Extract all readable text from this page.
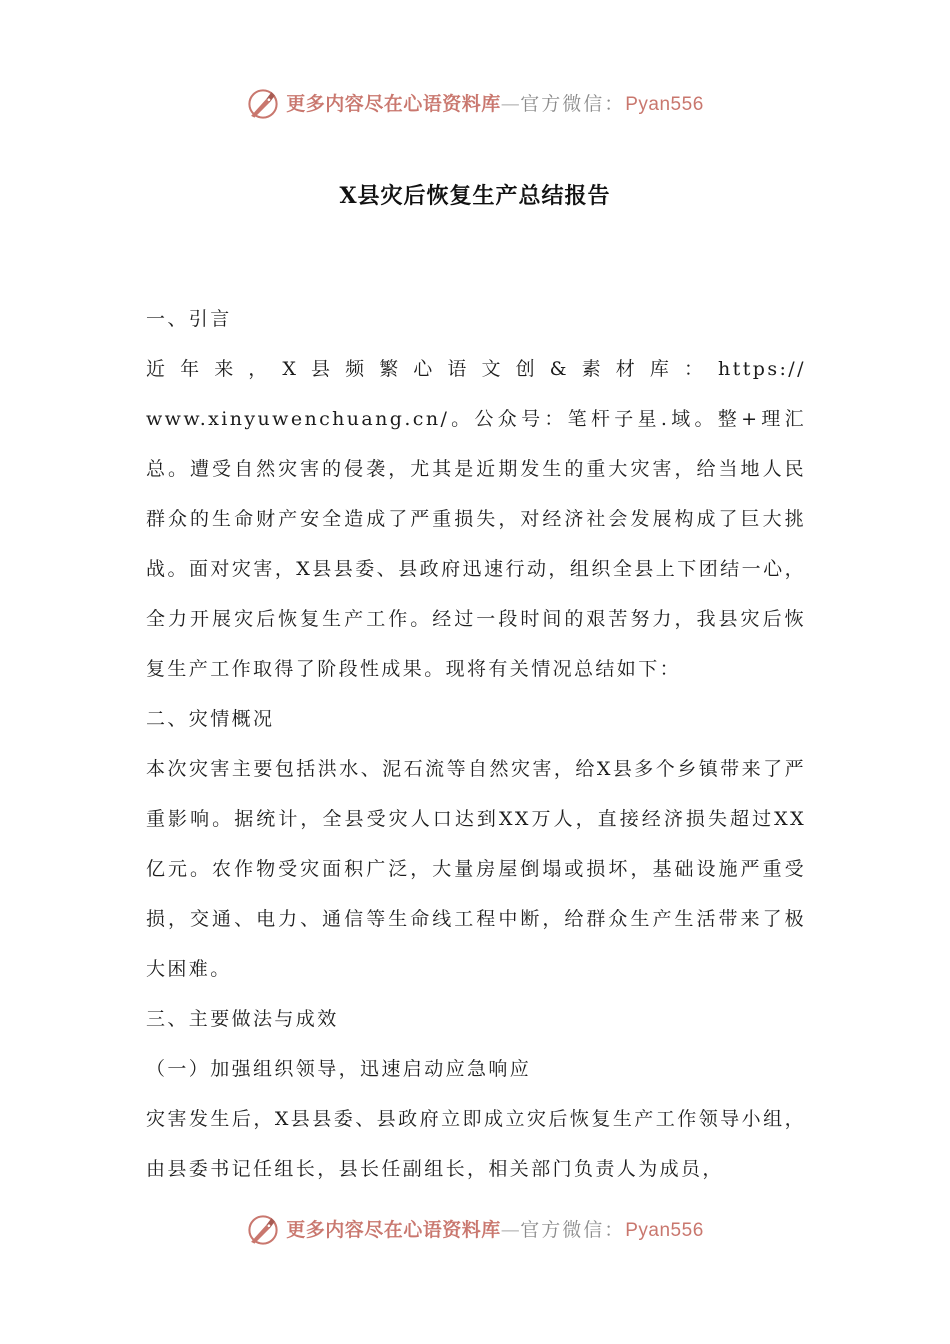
更多内容尽在心语资料库—官方微信：Pyan556
X县灾后恢复生产总结报告

一、引言

近 年 来 ， X 县 频 繁 心 语 文 创 & 素 材 库 ： https://

www.xinyuwenchuang.cn/。公众号：笔杆子星.域。整+理汇总。遭受自然灾害的侵袭，尤其是近期发生的重大灾害，给当地人民群众的生命财产安全造成了严重损失，对经济社会发展构成了巨大挑战。面对灾害，X县县委、县政府迅速行动，组织全县上下团结一心，全力开展灾后恢复生产工作。经过一段时间的艰苦努力，我县灾后恢复生产工作取得了阶段性成果。现将有关情况总结如下：

二、灾情概况

本次灾害主要包括洪水、泥石流等自然灾害，给X县多个乡镇带来了严重影响。据统计，全县受灾人口达到XX万人，直接经济损失超过XX亿元。农作物受灾面积广泛，大量房屋倒塌或损坏，基础设施严重受损，交通、电力、通信等生命线工程中断，给群众生产生活带来了极大困难。

三、主要做法与成效

（一）加强组织领导，迅速启动应急响应

灾害发生后，X县县委、县政府立即成立灾后恢复生产工作领导小组，由县委书记任组长，县长任副组长，相关部门负责人为成员，

更多内容尽在心语资料库—官方微信：Pyan556
